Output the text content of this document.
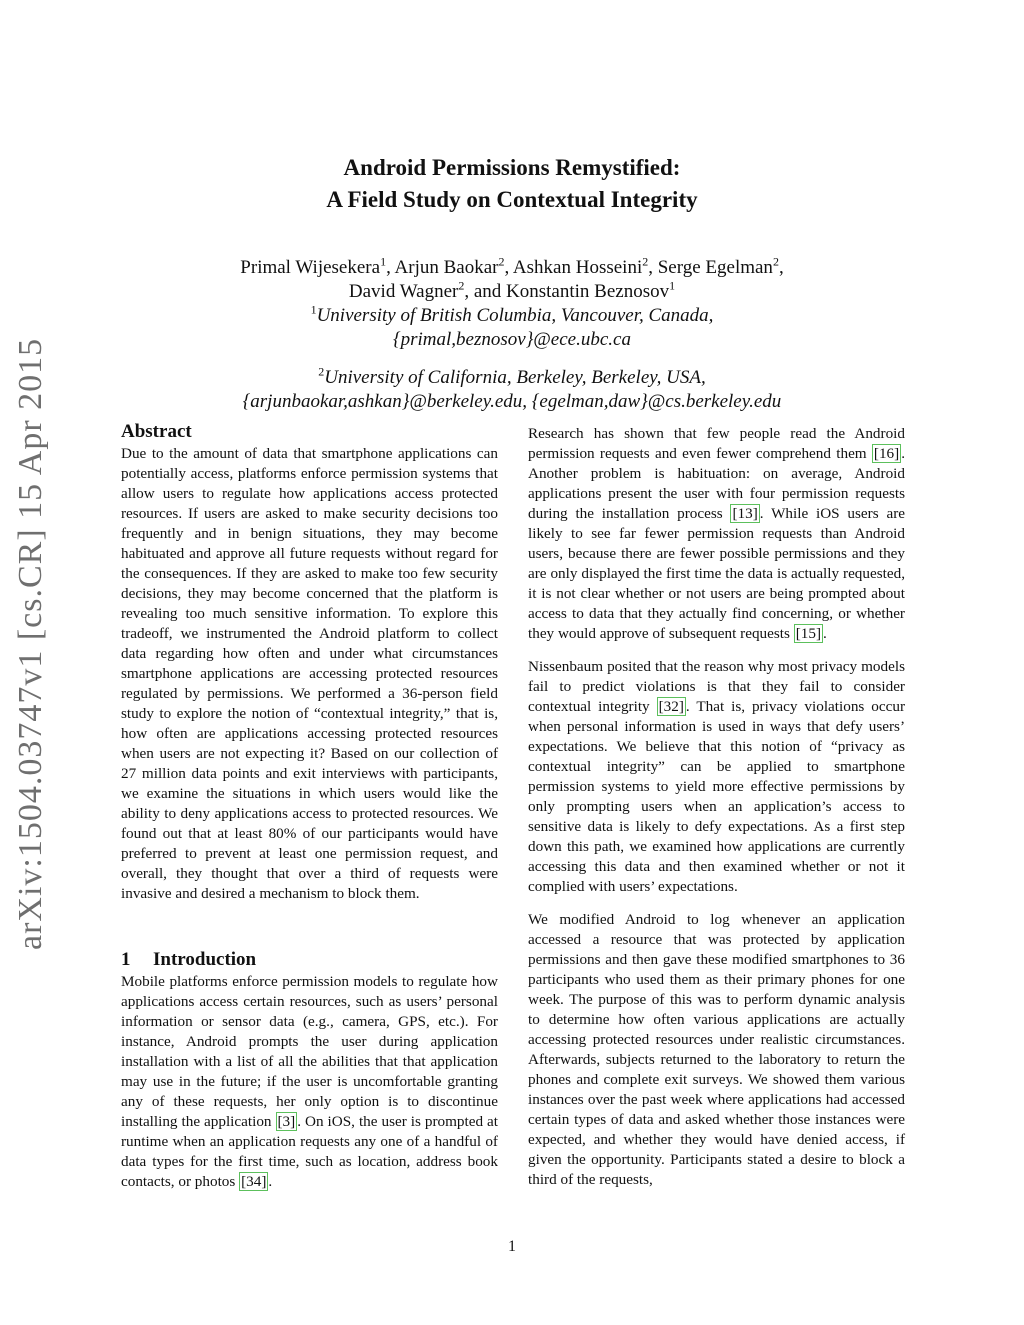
arXiv:1504.03747v1 [cs.CR] 15 Apr 2015
Android Permissions Remystified:
A Field Study on Contextual Integrity
Primal Wijesekera$^1$, Arjun Baokar$^2$, Ashkan Hosseini$^2$, Serge Egelman$^2$,
David Wagner$^2$, and Konstantin Beznosov$^1$
$^1$University of British Columbia, Vancouver, Canada,
{primal,beznosov}@ece.ubc.ca
$^2$University of California, Berkeley, Berkeley, USA,
{arjunbaokar,ashkan}@berkeley.edu, {egelman,daw}@cs.berkeley.edu
Abstract

Due to the amount of data that smartphone applications can potentially access, platforms enforce permission systems that allow users to regulate how applications access protected resources. If users are asked to make security decisions too frequently and in benign situations, they may become habituated and approve all future requests without regard for the consequences. If they are asked to make too few security decisions, they may become concerned that the platform is revealing too much sensitive information. To explore this tradeoff, we instrumented the Android platform to collect data regarding how often and under what circumstances smartphone applications are accessing protected resources regulated by permissions. We performed a 36-person field study to explore the notion of “contextual integrity,” that is, how often are applications accessing protected resources when users are not expecting it? Based on our collection of 27 million data points and exit interviews with participants, we examine the situations in which users would like the ability to deny applications access to protected resources. We found out that at least 80% of our participants would have preferred to prevent at least one permission request, and overall, they thought that over a third of requests were invasive and desired a mechanism to block them.

1 Introduction

Mobile platforms enforce permission models to regulate how applications access certain resources, such as users’ personal information or sensor data (e.g., camera, GPS, etc.). For instance, Android prompts the user during application installation with a list of all the abilities that that application may use in the future; if the user is uncomfortable granting any of these requests, her only option is to discontinue installing the application [3] . On iOS, the user is prompted at runtime when an application requests any one of a handful of data types for the first time, such as location, address book contacts, or photos [34] .

Research has shown that few people read the Android permission requests and even fewer comprehend them [16] . Another problem is habituation: on average, Android applications present the user with four permission requests during the installation process [13] . While iOS users are likely to see far fewer permission requests than Android users, because there are fewer possible permissions and they are only displayed the first time the data is actually requested, it is not clear whether or not users are being prompted about access to data that they actually find concerning, or whether they would approve of subsequent requests [15] .

Nissenbaum posited that the reason why most privacy models fail to predict violations is that they fail to consider contextual integrity [32] . That is, privacy violations occur when personal information is used in ways that defy users’ expectations. We believe that this notion of “privacy as contextual integrity” can be applied to smartphone permission systems to yield more effective permissions by only prompting users when an application’s access to sensitive data is likely to defy expectations. As a first step down this path, we examined how applications are currently accessing this data and then examined whether or not it complied with users’ expectations.

We modified Android to log whenever an application accessed a resource that was protected by application permissions and then gave these modified smartphones to 36 participants who used them as their primary phones for one week. The purpose of this was to perform dynamic analysis to determine how often various applications are actually accessing protected resources under realistic circumstances. Afterwards, subjects returned to the laboratory to return the phones and complete exit surveys. We showed them various instances over the past week where applications had accessed certain types of data and asked whether those instances were expected, and whether they would have denied access, if given the opportunity. Participants stated a desire to block a third of the requests,

1
